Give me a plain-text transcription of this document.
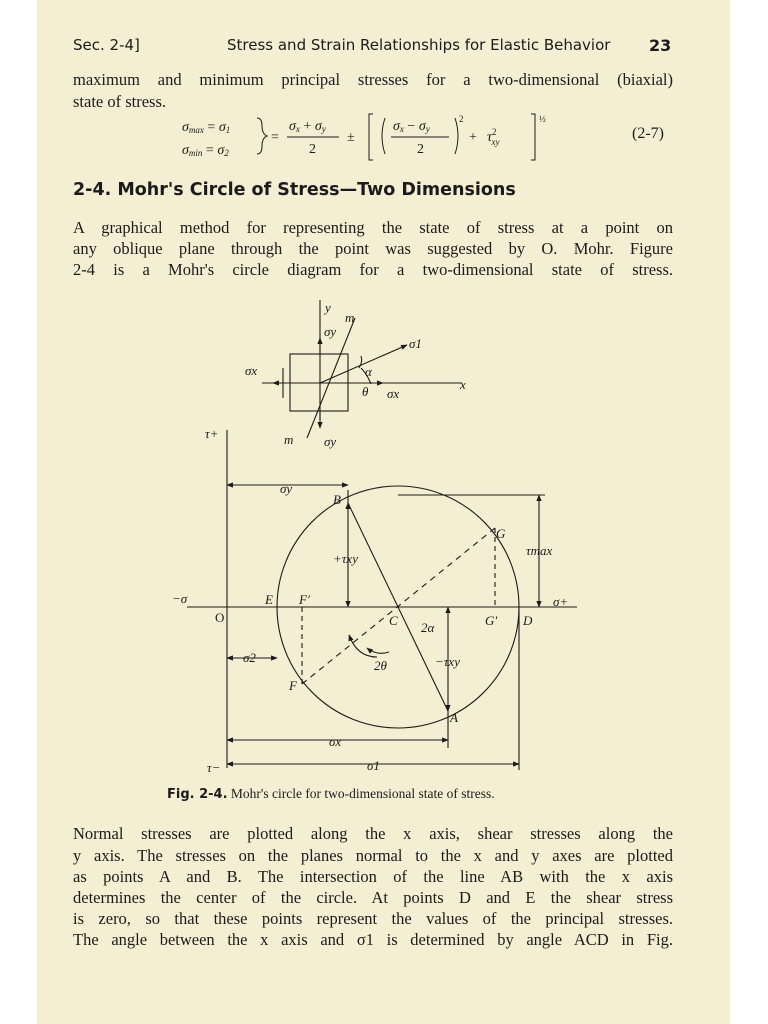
Sec. 2-4]	Stress and Strain Relationships for Elastic Behavior 23
maximum and minimum principal stresses for a two-dimensional (biaxial)
state of stress.
σmax = σ1
σmin = σ2
=
σx + σy
2
±
σx − σy
2
2
+ $\tau^2$ xy
½
(2-7)
2-4. Mohr's Circle of Stress—Two Dimensions
A graphical method for representing the state of stress at a point on
any oblique plane through the point was suggested by O. Mohr. Figure
2-4 is a Mohr's circle diagram for a two-dimensional state of stress.
y
x
m
m
σy
σy
σx
σx
σ1
α
θ
τ+
τ−
−σ	σ+
O
B
G
E F′
C	G′ D
F
A
σy
+τxy
τmax
2α
2θ	−τxy
σ2
σx
σ1
Fig. 2-4. Mohr's circle for two-dimensional state of stress.
Normal stresses are plotted along the x axis, shear stresses along the
y axis. The stresses on the planes normal to the x and y axes are plotted
as points A and B. The intersection of the line AB with the x axis
determines the center of the circle. At points D and E the shear stress
is zero, so that these points represent the values of the principal stresses.
The angle between the x axis and σ1 is determined by angle ACD in Fig.
